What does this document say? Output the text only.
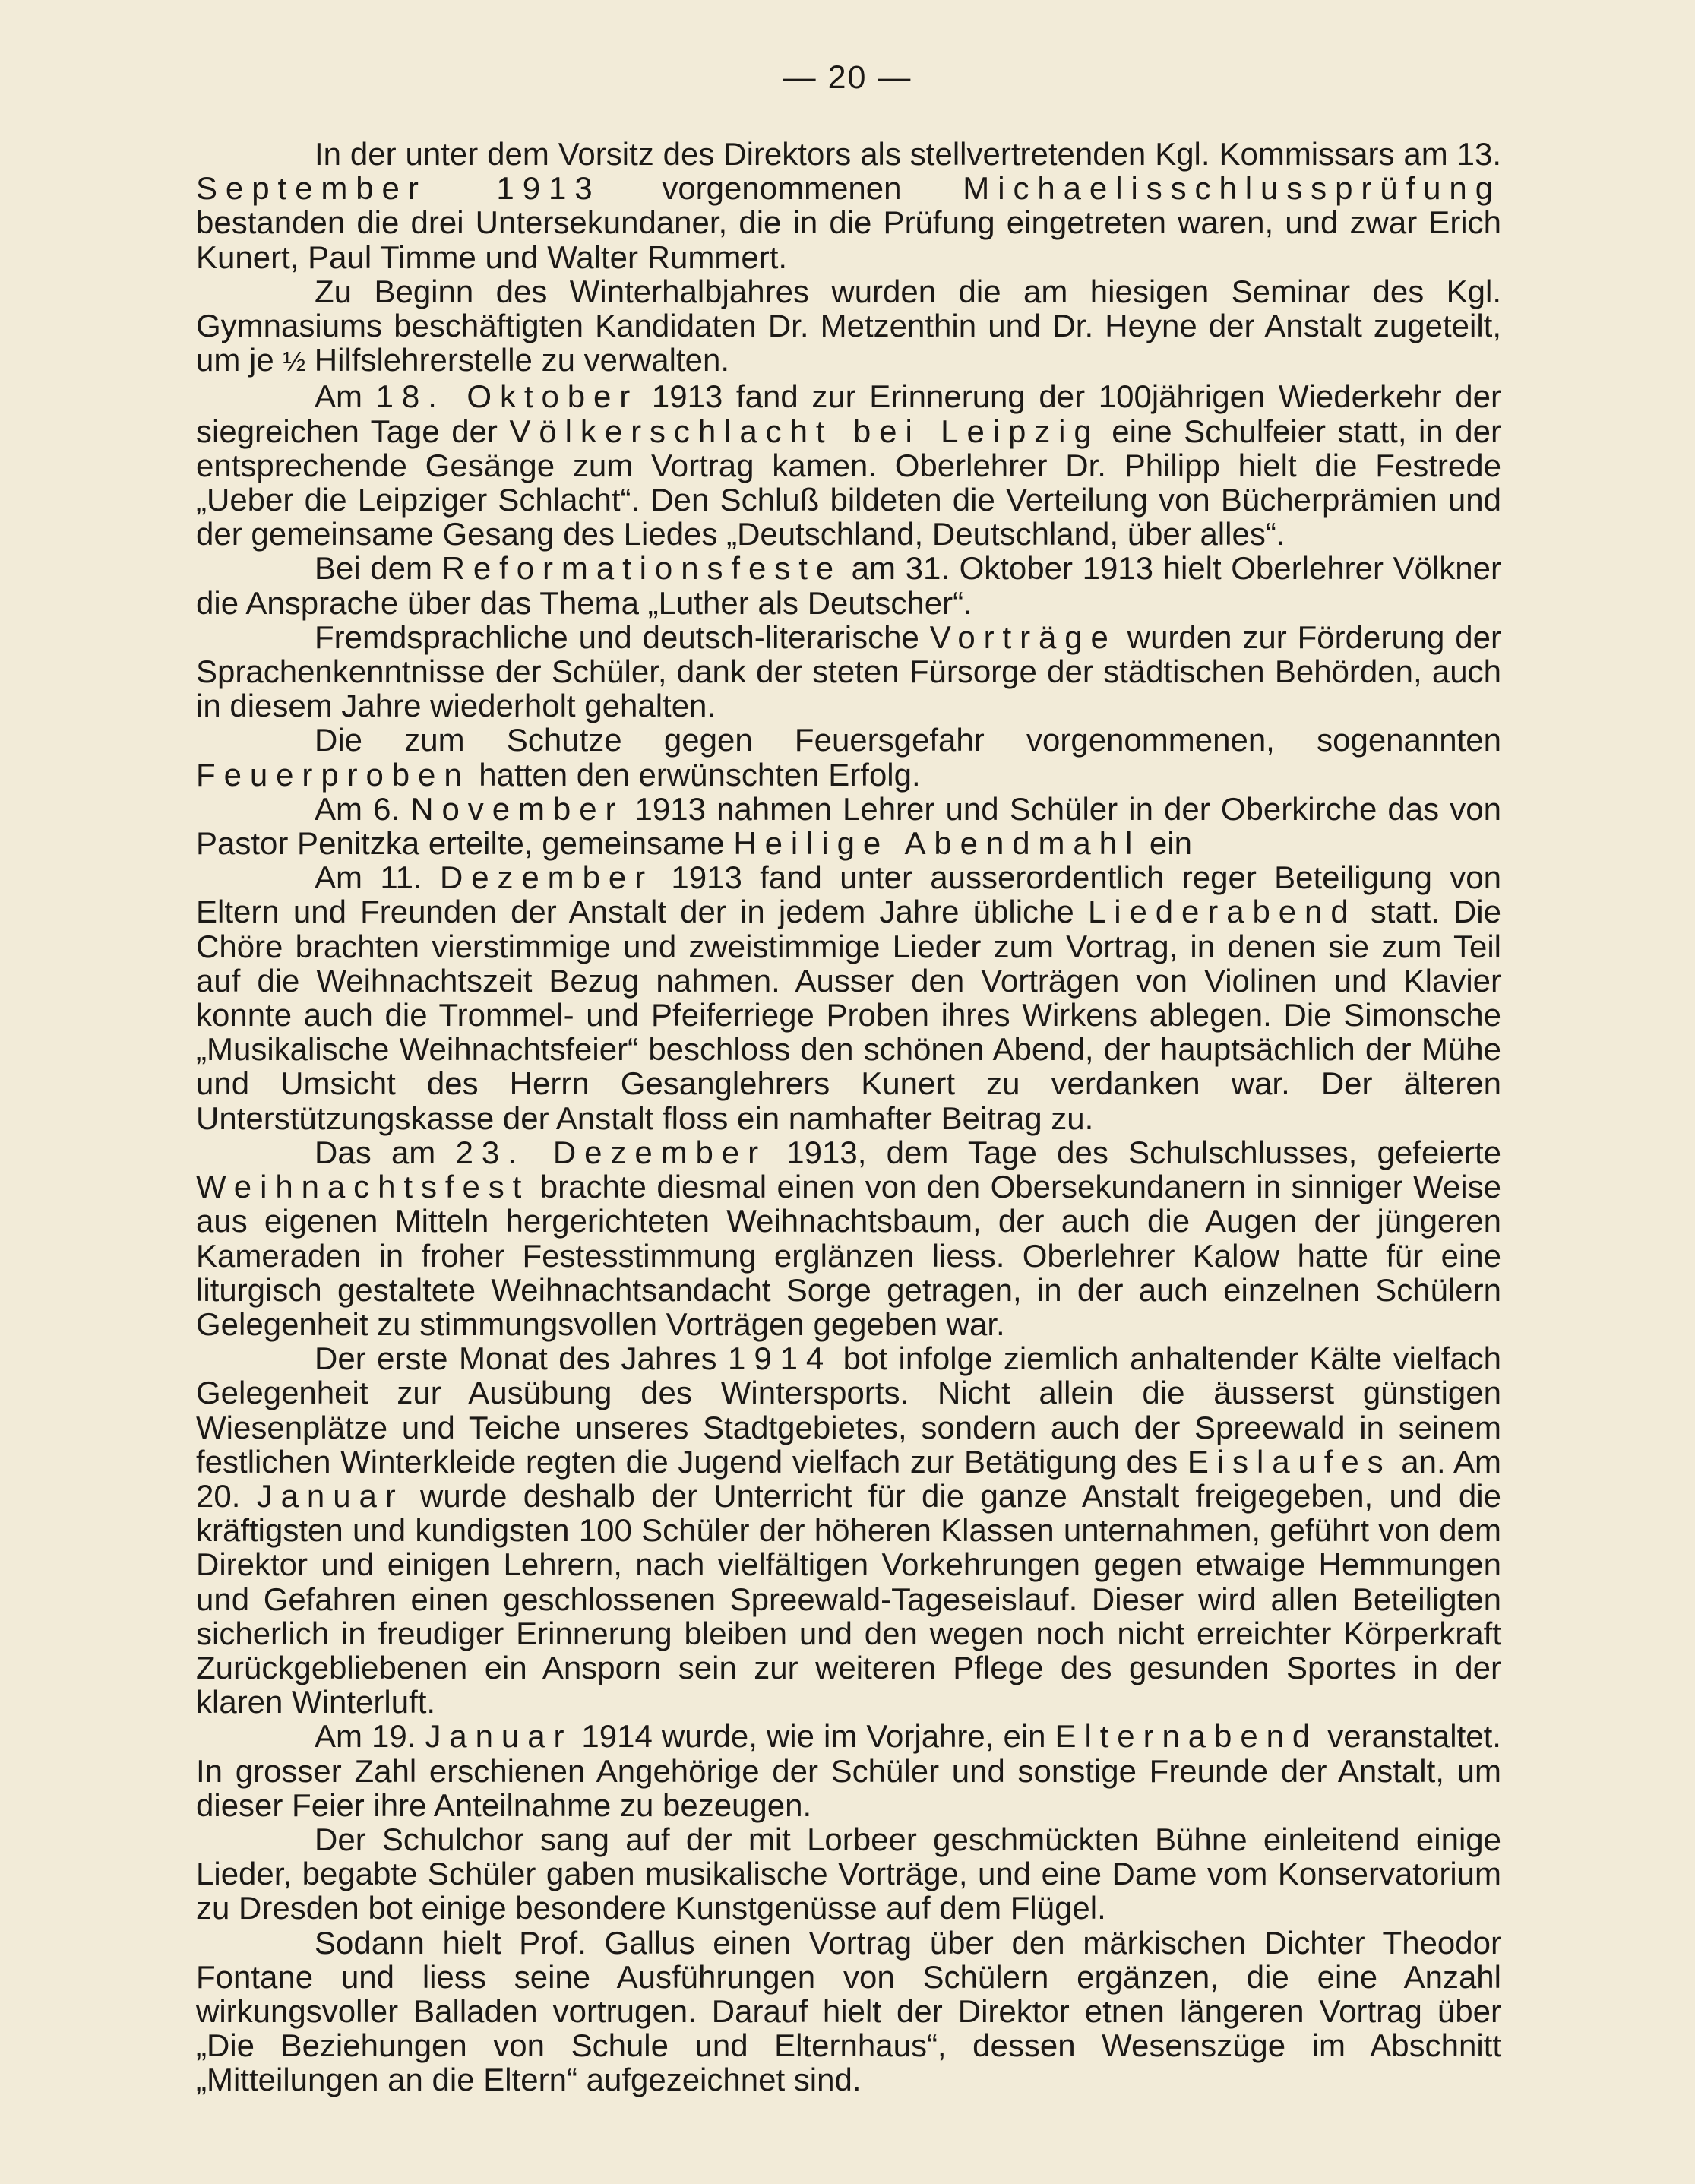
— 20 —

In der unter dem Vorsitz des Direktors als stellvertretenden Kgl. Kommissars am 13. September 1913 vorgenommenen Michaelisschlussprüfung bestanden die drei Untersekundaner, die in die Prüfung eingetreten waren, und zwar Erich Kunert, Paul Timme und Walter Rummert.

Zu Beginn des Winterhalbjahres wurden die am hiesigen Seminar des Kgl. Gymnasiums beschäftigten Kandidaten Dr. Metzenthin und Dr. Heyne der Anstalt zugeteilt, um je ½ Hilfslehrerstelle zu verwalten.

Am 18. Oktober 1913 fand zur Erinnerung der 100jährigen Wiederkehr der siegreichen Tage der Völkerschlacht bei Leipzig eine Schulfeier statt, in der entsprechende Gesänge zum Vortrag kamen. Oberlehrer Dr. Philipp hielt die Festrede „Ueber die Leipziger Schlacht“. Den Schluß bildeten die Verteilung von Bücherprämien und der gemeinsame Gesang des Liedes „Deutschland, Deutschland, über alles“.

Bei dem Reformationsfeste am 31. Oktober 1913 hielt Oberlehrer Völkner die Ansprache über das Thema „Luther als Deutscher“.

Fremdsprachliche und deutsch-literarische Vorträge wurden zur Förderung der Sprachenkenntnisse der Schüler, dank der steten Fürsorge der städtischen Behörden, auch in diesem Jahre wiederholt gehalten.

Die zum Schutze gegen Feuersgefahr vorgenommenen, sogenannten Feuerproben hatten den erwünschten Erfolg.

Am 6. November 1913 nahmen Lehrer und Schüler in der Oberkirche das von Pastor Penitzka erteilte, gemeinsame Heilige Abendmahl ein

Am 11. Dezember 1913 fand unter ausserordentlich reger Beteiligung von Eltern und Freunden der Anstalt der in jedem Jahre übliche Liederabend statt. Die Chöre brachten vierstimmige und zweistimmige Lieder zum Vortrag, in denen sie zum Teil auf die Weihnachtszeit Bezug nahmen. Ausser den Vorträgen von Violinen und Klavier konnte auch die Trommel- und Pfeiferriege Proben ihres Wirkens ablegen. Die Simonsche „Musikalische Weihnachtsfeier“ beschloss den schönen Abend, der hauptsächlich der Mühe und Umsicht des Herrn Gesanglehrers Kunert zu verdanken war. Der älteren Unterstützungskasse der Anstalt floss ein namhafter Beitrag zu.

Das am 23. Dezember 1913, dem Tage des Schulschlusses, gefeierte Weihnachtsfest brachte diesmal einen von den Obersekundanern in sinniger Weise aus eigenen Mitteln hergerichteten Weihnachtsbaum, der auch die Augen der jüngeren Kameraden in froher Festesstimmung erglänzen liess. Oberlehrer Kalow hatte für eine liturgisch gestaltete Weihnachtsandacht Sorge getragen, in der auch einzelnen Schülern Gelegenheit zu stimmungsvollen Vorträgen gegeben war.

Der erste Monat des Jahres 1914 bot infolge ziemlich anhaltender Kälte vielfach Gelegenheit zur Ausübung des Wintersports. Nicht allein die äusserst günstigen Wiesenplätze und Teiche unseres Stadtgebietes, sondern auch der Spreewald in seinem festlichen Winterkleide regten die Jugend vielfach zur Betätigung des Eislaufes an. Am 20. Januar wurde deshalb der Unterricht für die ganze Anstalt freigegeben, und die kräftigsten und kundigsten 100 Schüler der höheren Klassen unternahmen, geführt von dem Direktor und einigen Lehrern, nach vielfältigen Vorkehrungen gegen etwaige Hemmungen und Gefahren einen geschlossenen Spreewald-Tageseislauf. Dieser wird allen Beteiligten sicherlich in freudiger Erinnerung bleiben und den wegen noch nicht erreichter Körperkraft Zurückgebliebenen ein Ansporn sein zur weiteren Pflege des gesunden Sportes in der klaren Winterluft.

Am 19. Januar 1914 wurde, wie im Vorjahre, ein Elternabend veranstaltet. In grosser Zahl erschienen Angehörige der Schüler und sonstige Freunde der Anstalt, um dieser Feier ihre Anteilnahme zu bezeugen.

Der Schulchor sang auf der mit Lorbeer geschmückten Bühne einleitend einige Lieder, begabte Schüler gaben musikalische Vorträge, und eine Dame vom Konservatorium zu Dresden bot einige besondere Kunstgenüsse auf dem Flügel.

Sodann hielt Prof. Gallus einen Vortrag über den märkischen Dichter Theodor Fontane und liess seine Ausführungen von Schülern ergänzen, die eine Anzahl wirkungsvoller Balladen vortrugen. Darauf hielt der Direktor etnen längeren Vortrag über „Die Beziehungen von Schule und Elternhaus“, dessen Wesenszüge im Abschnitt „Mitteilungen an die Eltern“ aufgezeichnet sind.
